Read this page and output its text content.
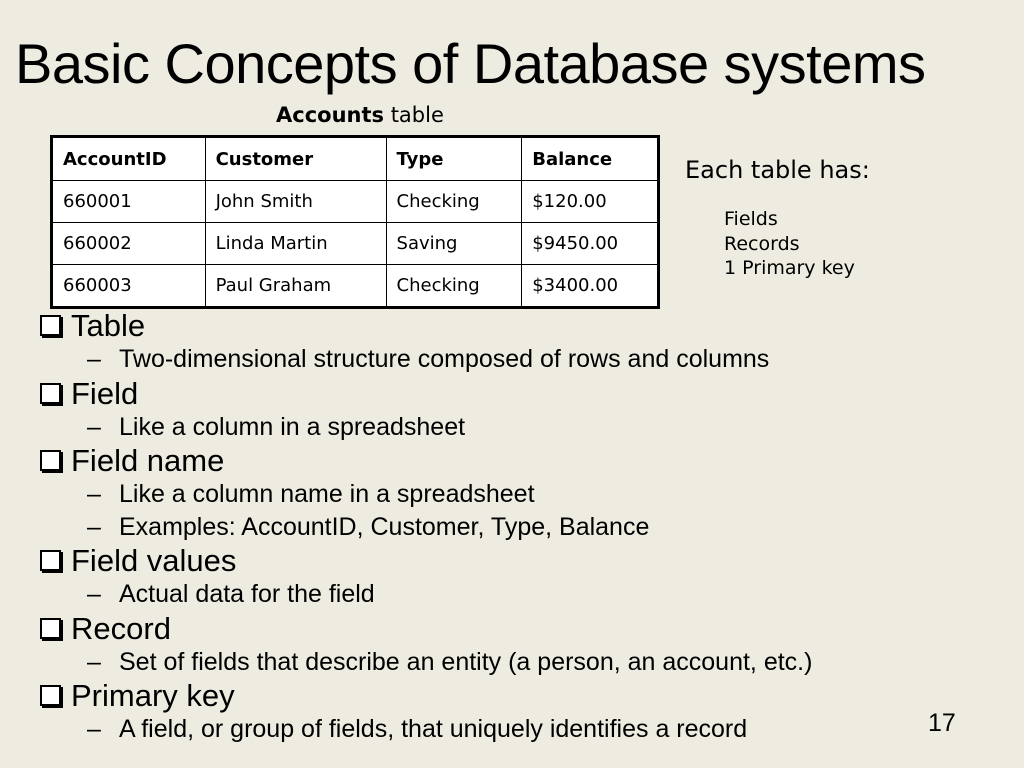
Basic Concepts of Database systems
Accounts table
AccountID	Customer	Type	Balance
660001	John Smith	Checking	$120.00
660002	Linda Martin	Saving	$9450.00
660003	Paul Graham	Checking	$3400.00
Each table has:
Fields
Records
1 Primary key
Table
– Two-dimensional structure composed of rows and columns
Field
– Like a column in a spreadsheet
Field name
– Like a column name in a spreadsheet
– Examples: AccountID, Customer, Type, Balance
Field values
– Actual data for the field
Record
– Set of fields that describe an entity (a person, an account, etc.)
Primary key
– A field, or group of fields, that uniquely identifies a record	17
